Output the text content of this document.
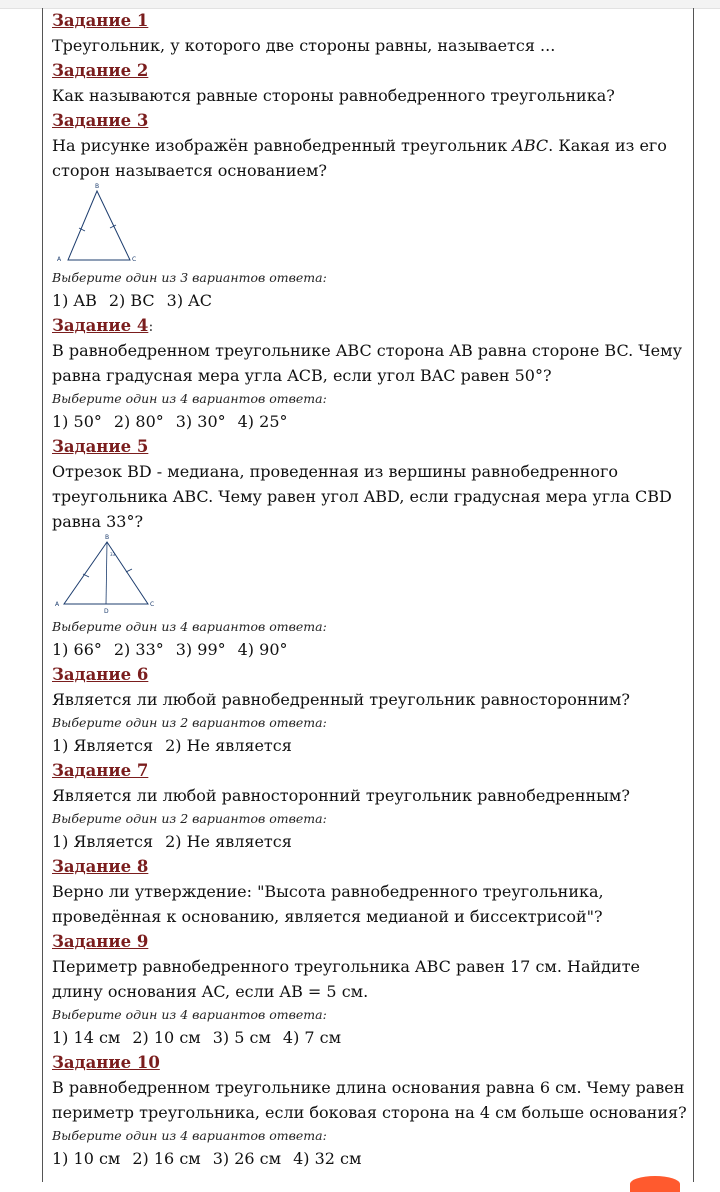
Задание 1
Треугольник, у которого две стороны равны, называется ...
Задание 2
Как называются равные стороны равнобедренного треугольника?
Задание 3
На рисунке изображён равнобедренный треугольник ABC. Какая из его сторон называется основанием?
B
A	C
Выберите один из 3 вариантов ответа:
1) AB 2) BC 3) AC
Задание 4:
В равнобедренном треугольнике ABC сторона AB равна стороне BC. Чему равна градусная мера угла ACB, если угол BAC равен 50°?
Выберите один из 4 вариантов ответа:
1) 50° 2) 80° 3) 30° 4) 25°
Задание 5
Отрезок BD - медиана, проведенная из вершины равнобедренного треугольника ABC. Чему равен угол ABD, если градусная мера угла CBD равна 33°?
B
A	C
D
33
Выберите один из 4 вариантов ответа:
1) 66° 2) 33° 3) 99° 4) 90°
Задание 6
Является ли любой равнобедренный треугольник равносторонним?
Выберите один из 2 вариантов ответа:
1) Является 2) Не является
Задание 7
Является ли любой равносторонний треугольник равнобедренным?
Выберите один из 2 вариантов ответа:
1) Является 2) Не является
Задание 8
Верно ли утверждение: "Высота равнобедренного треугольника, проведённая к основанию, является медианой и биссектрисой"?
Задание 9
Периметр равнобедренного треугольника ABC равен 17 см. Найдите длину основания AC, если AB = 5 см.
Выберите один из 4 вариантов ответа:
1) 14 см 2) 10 см 3) 5 см 4) 7 см
Задание 10
В равнобедренном треугольнике длина основания равна 6 см. Чему равен периметр треугольника, если боковая сторона на 4 см больше основания?
Выберите один из 4 вариантов ответа:
1) 10 см 2) 16 см 3) 26 см 4) 32 см
